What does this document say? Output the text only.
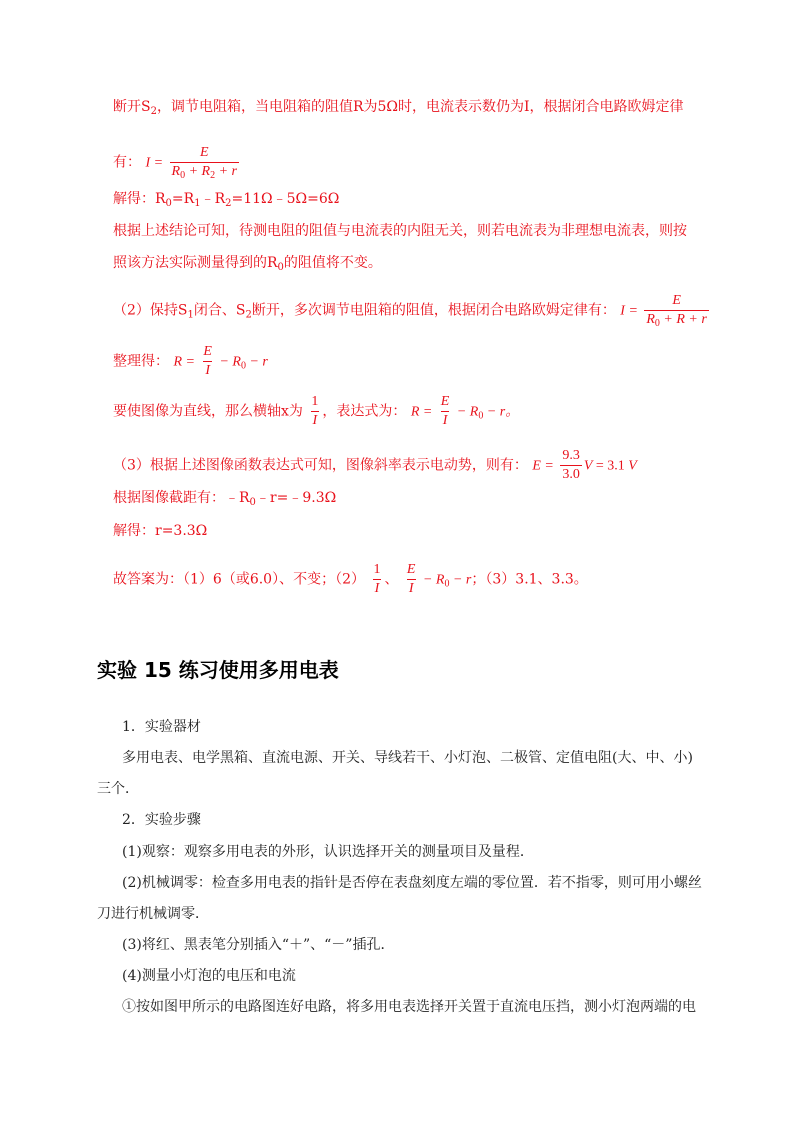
断开$S_2$，调节电阻箱，当电阻箱的阻值R为5Ω时，电流表示数仍为I，根据闭合电路欧姆定律
有： $I = \frac{E}{R_0 + R_2 + r}$
解得：$R_0=R_1﹣R_2=11\Omega﹣5\Omega=6\Omega$
根据上述结论可知，待测电阻的阻值与电流表的内阻无关，则若电流表为非理想电流表，则按
照该方法实际测量得到的$R_0$的阻值将不变。
（2）保持$S_1$闭合、$S_2$断开，多次调节电阻箱的阻值，根据闭合电路欧姆定律有： $I = \frac{E}{R_0 + R + r}$
整理得： $R = \frac{E}{I} - R_0 - r$
要使图像为直线，那么横轴x为 $\frac{1}{I}$ ，表达式为： $R = \frac{E}{I} - R_0 - r$。
（3）根据上述图像函数表达式可知，图像斜率表示电动势，则有： $E = \frac{9.3}{3.0}$ V = 3.1 V
根据图像截距有：$﹣R_0﹣r=﹣9.3\Omega$
解得：r=3.3Ω
故答案为：（1）6（或6.0）、不变；$(2) \frac{1}{I}$ 、 $\frac{E}{I} - R_0 - r$；（3）3.1、3.3。
实验 15 练习使用多用电表
1．实验器材
多用电表、电学黑箱、直流电源、开关、导线若干、小灯泡、二极管、定值电阻(大、中、小)
三个．
2．实验步骤
(1)观察：观察多用电表的外形，认识选择开关的测量项目及量程．
(2)机械调零：检查多用电表的指针是否停在表盘刻度左端的零位置．若不指零，则可用小螺丝
刀进行机械调零．
(3)将红、黑表笔分别插入“＋”、“－”插孔．
(4)测量小灯泡的电压和电流
①按如图甲所示的电路图连好电路，将多用电表选择开关置于直流电压挡，测小灯泡两端的电
